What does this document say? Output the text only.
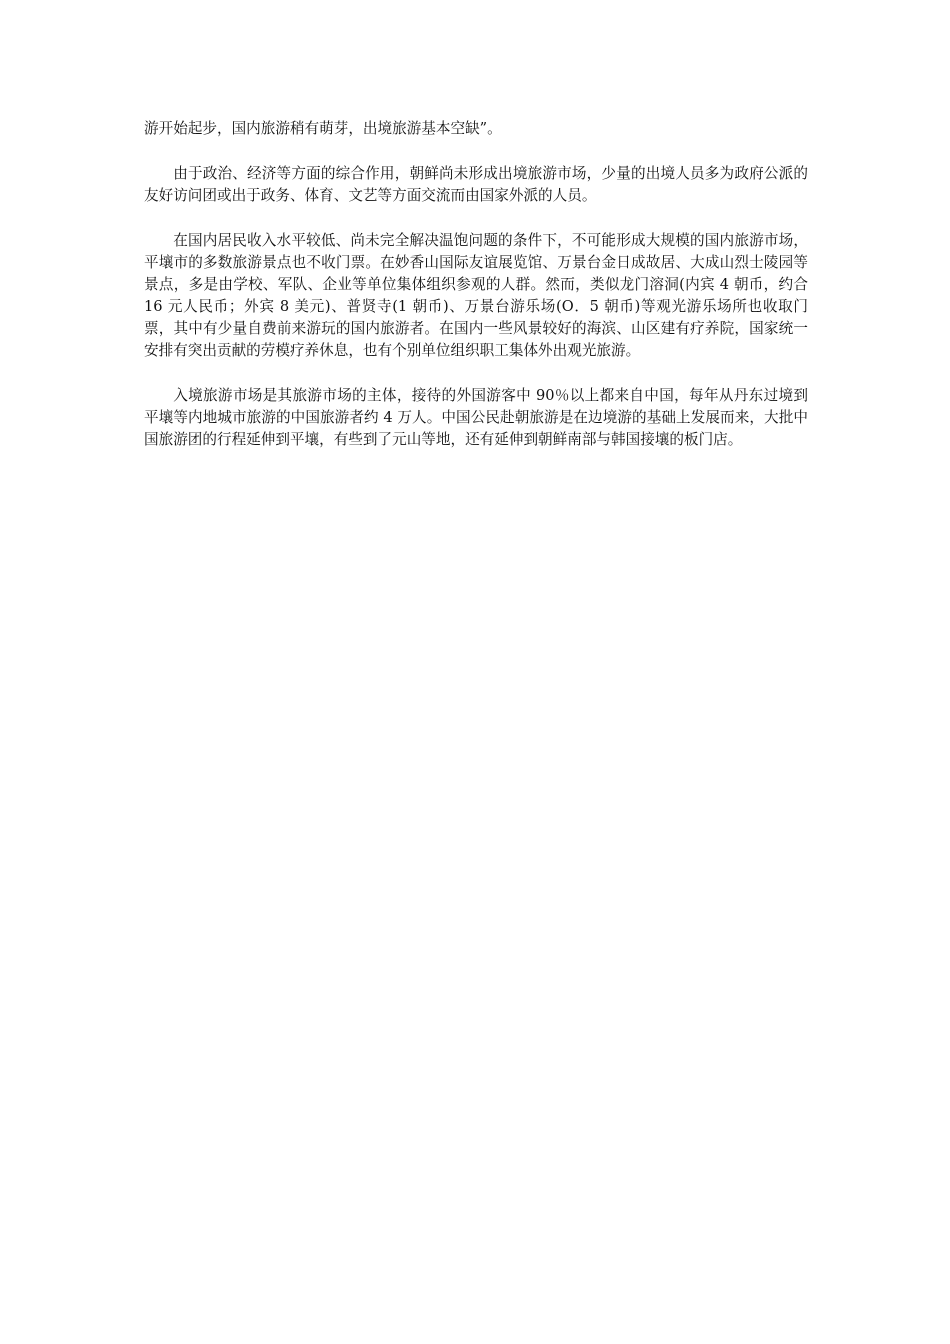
游开始起步，国内旅游稍有萌芽，出境旅游基本空缺”。

由于政治、经济等方面的综合作用，朝鲜尚未形成出境旅游市场，少量的出境人员多为政府公派的友好访问团或出于政务、体育、文艺等方面交流而由国家外派的人员。

在国内居民收入水平较低、尚未完全解决温饱问题的条件下，不可能形成大规模的国内旅游市场，平壤市的多数旅游景点也不收门票。在妙香山国际友谊展览馆、万景台金日成故居、大成山烈士陵园等景点，多是由学校、军队、企业等单位集体组织参观的人群。然而，类似龙门溶洞(内宾 4 朝币，约合 16 元人民币；外宾 8 美元)、普贤寺(1 朝币)、万景台游乐场(O．5 朝币)等观光游乐场所也收取门票，其中有少量自费前来游玩的国内旅游者。在国内一些风景较好的海滨、山区建有疗养院，国家统一安排有突出贡献的劳模疗养休息，也有个别单位组织职工集体外出观光旅游。

入境旅游市场是其旅游市场的主体，接待的外国游客中 90％以上都来自中国，每年从丹东过境到平壤等内地城市旅游的中国旅游者约 4 万人。中国公民赴朝旅游是在边境游的基础上发展而来，大批中国旅游团的行程延伸到平壤，有些到了元山等地，还有延伸到朝鲜南部与韩国接壤的板门店。
